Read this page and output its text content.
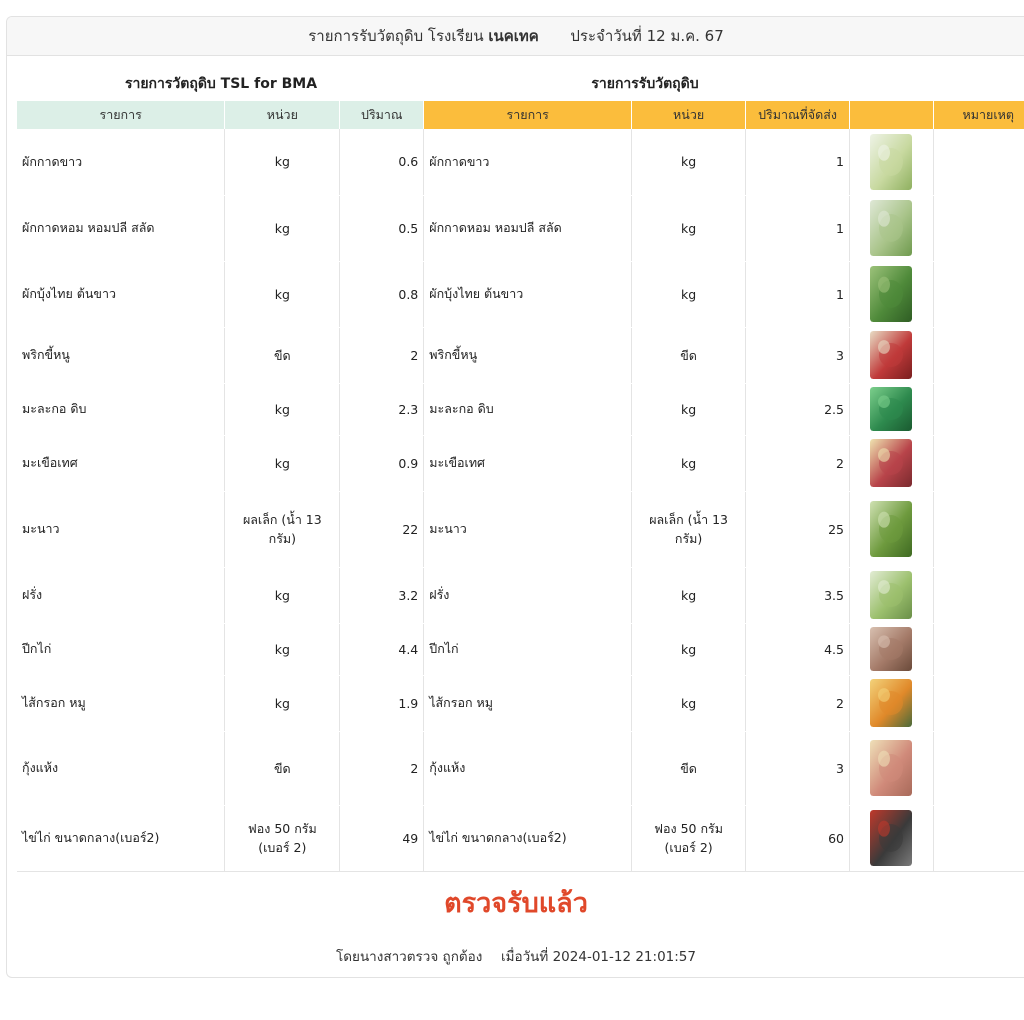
รายการรับวัตถุดิบ โรงเรียน เนคเทค ประจำวันที่ 12 ม.ค. 67
รายการวัตถุดิบ TSL for BMA	รายการรับวัตถุดิบ
รายการ	หน่วย	ปริมาณ	รายการ	หน่วย	ปริมาณที่จัดส่ง		หมายเหตุ
ผักกาดขาว	kg	0.6	ผักกาดขาว	kg	1	

ผักกาดหอม หอมปลี สลัด	kg	0.5	ผักกาดหอม หอมปลี สลัด	kg	1	

ผักบุ้งไทย ต้นขาว	kg	0.8	ผักบุ้งไทย ต้นขาว	kg	1	

พริกขี้หนู	ขีด	2	พริกขี้หนู	ขีด	3	

มะละกอ ดิบ	kg	2.3	มะละกอ ดิบ	kg	2.5	

มะเขือเทศ	kg	0.9	มะเขือเทศ	kg	2	

มะนาว	ผลเล็ก (น้ำ 13 กรัม)	22	มะนาว	ผลเล็ก (น้ำ 13 กรัม)	25	

ฝรั่ง	kg	3.2	ฝรั่ง	kg	3.5	

ปีกไก่	kg	4.4	ปีกไก่	kg	4.5	

ไส้กรอก หมู	kg	1.9	ไส้กรอก หมู	kg	2	

กุ้งแห้ง	ขีด	2	กุ้งแห้ง	ขีด	3	

ไข่ไก่ ขนาดกลาง(เบอร์2)	ฟอง 50 กรัม (เบอร์ 2)	49	ไข่ไก่ ขนาดกลาง(เบอร์2)	ฟอง 50 กรัม (เบอร์ 2)	60	

ตรวจรับแล้ว
โดยนางสาวตรวจ ถูกต้อง เมื่อวันที่ 2024-01-12 21:01:57
